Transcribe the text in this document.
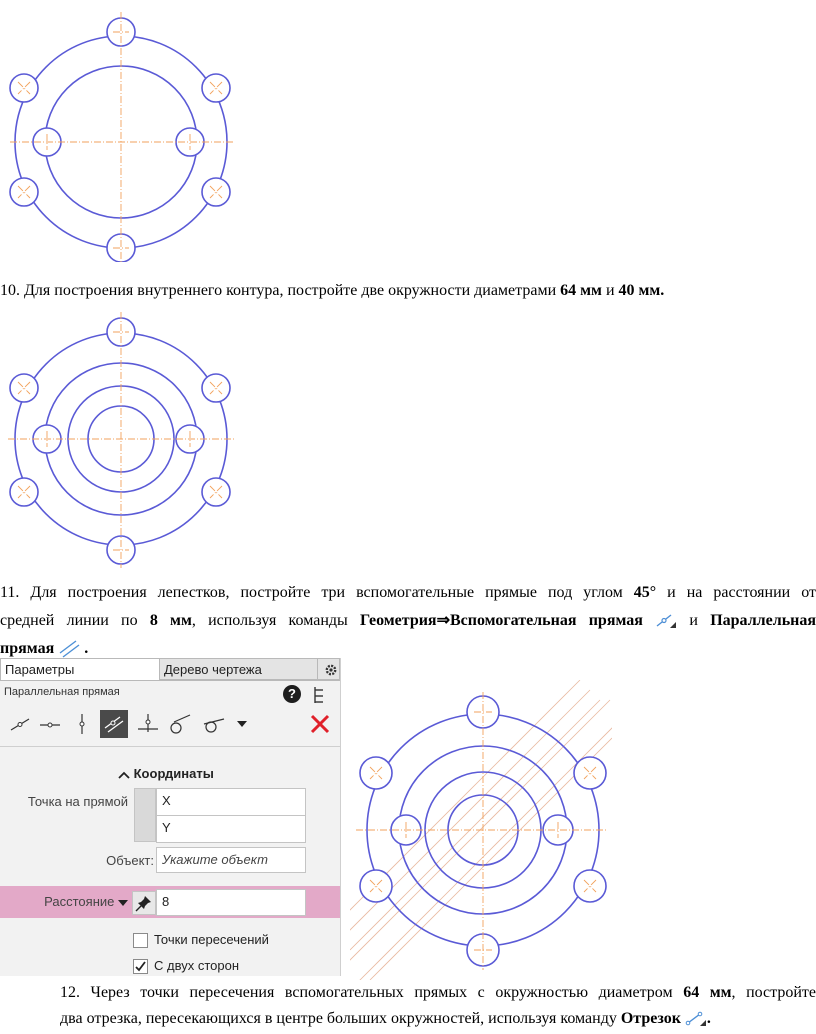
10. Для построения внутреннего контура, постройте две окружности диаметрами 64 мм и 40 мм.
11. Для построения лепестков, постройте три вспомогательные прямые под углом 45° и на расстоянии от
средней линии по 8 мм, используя команды Геометрия⇒Вспомогательная прямая	и Параллельная
прямая  .
Параметры	Дерево чертежа
Параллельная прямая	?
Координаты
Точка на прямой	X
Y
Объект: Укажите объект
Расстояние	8
Точки пересечений
С двух сторон
12. Через точки пересечения вспомогательных прямых с окружностью диаметром 64 мм, постройте
два отрезка, пересекающихся в центре больших окружностей, используя команду Отрезок .
